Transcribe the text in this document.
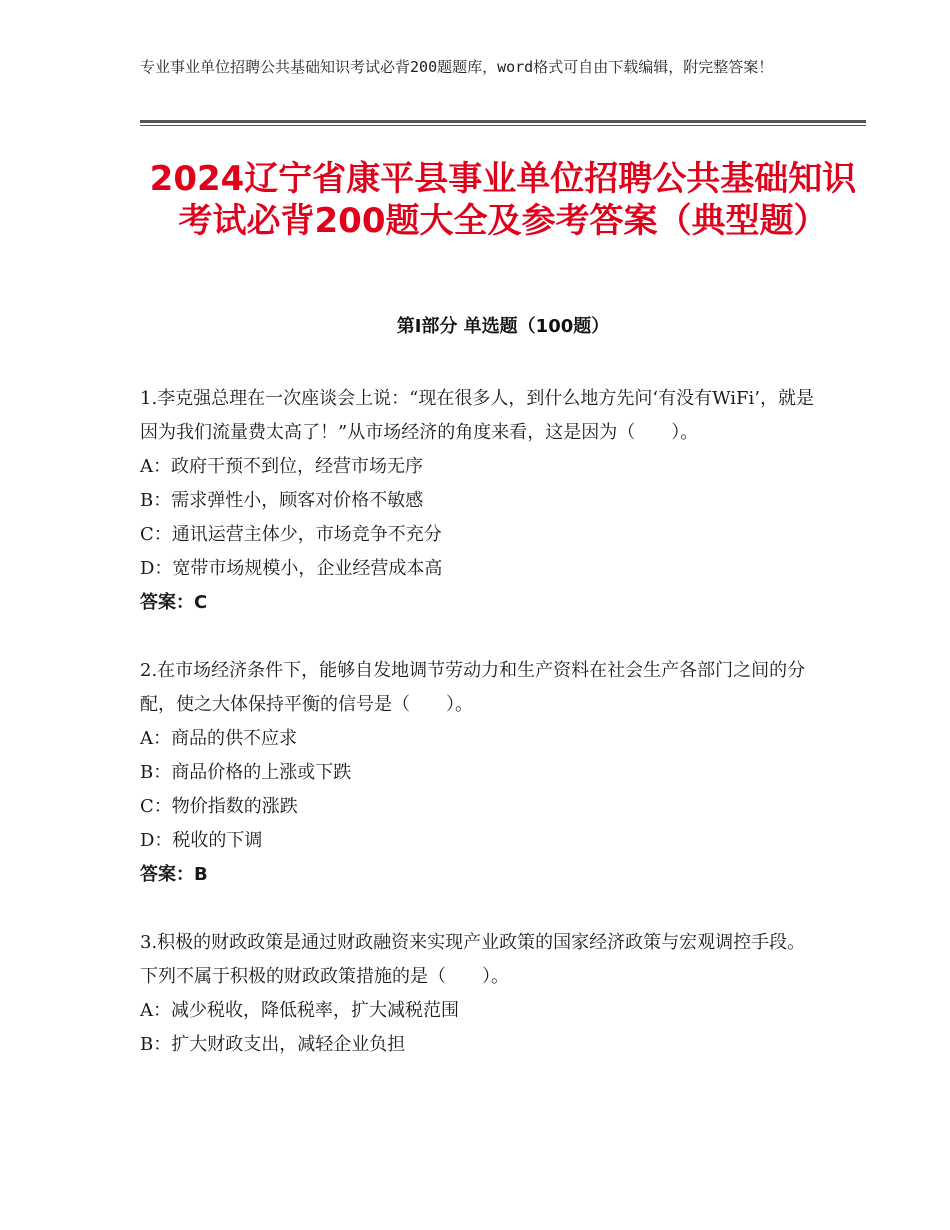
专业事业单位招聘公共基础知识考试必背200题题库，word格式可自由下载编辑，附完整答案！
2024辽宁省康平县事业单位招聘公共基础知识考试必背200题大全及参考答案（典型题）
第Ⅰ部分 单选题（100题）

1.李克强总理在一次座谈会上说：“现在很多人，到什么地方先问‘有没有WiFi’，就是因为我们流量费太高了！”从市场经济的角度来看，这是因为（　　）。

A：政府干预不到位，经营市场无序

B：需求弹性小，顾客对价格不敏感

C：通讯运营主体少，市场竞争不充分

D：宽带市场规模小，企业经营成本高

答案：C

2.在市场经济条件下，能够自发地调节劳动力和生产资料在社会生产各部门之间的分配，使之大体保持平衡的信号是（　　）。

A：商品的供不应求

B：商品价格的上涨或下跌

C：物价指数的涨跌

D：税收的下调

答案：B

3.积极的财政政策是通过财政融资来实现产业政策的国家经济政策与宏观调控手段。下列不属于积极的财政政策措施的是（　　）。

A：减少税收，降低税率，扩大减税范围

B：扩大财政支出，减轻企业负担
